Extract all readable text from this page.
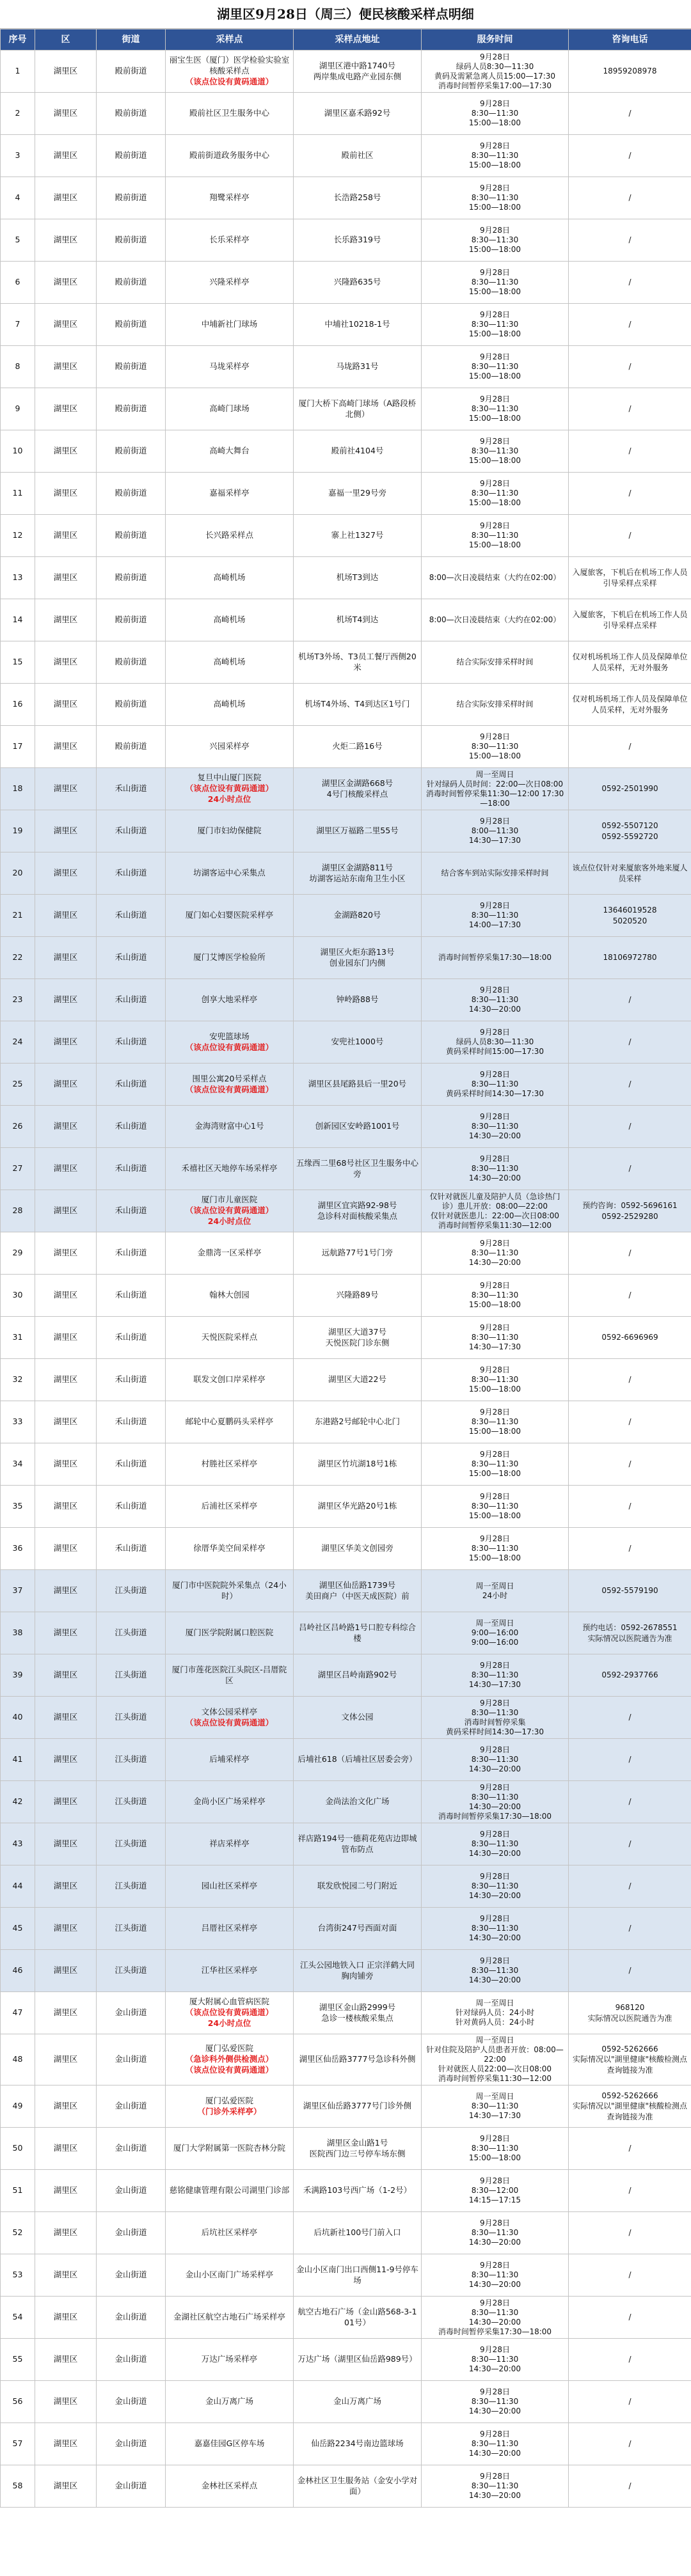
湖里区9月28日（周三）便民核酸采样点明细
序号	区	街道	采样点	采样点地址	服务时间	咨询电话
1	湖里区	殿前街道	丽宝生医（厦门）医学检验实验室核酸采样点
（该点位设有黄码通道）	湖里区港中路1740号
两岸集成电路产业园东侧	9月28日
绿码人员8:30—11:30
黄码及需紧急离人员15:00—17:30
消毒时间暂停采集17:00—17:30	18959208978
2	湖里区	殿前街道	殿前社区卫生服务中心	湖里区嘉禾路92号	9月28日
8:30—11:30
15:00—18:00	/
3	湖里区	殿前街道	殿前街道政务服务中心	殿前社区	9月28日
8:30—11:30
15:00—18:00	/
4	湖里区	殿前街道	翔鹭采样亭	长浩路258号	9月28日
8:30—11:30
15:00—18:00	/
5	湖里区	殿前街道	长乐采样亭	长乐路319号	9月28日
8:30—11:30
15:00—18:00	/
6	湖里区	殿前街道	兴隆采样亭	兴隆路635号	9月28日
8:30—11:30
15:00—18:00	/
7	湖里区	殿前街道	中埔新社门球场	中埔社10218-1号	9月28日
8:30—11:30
15:00—18:00	/
8	湖里区	殿前街道	马垅采样亭	马垅路31号	9月28日
8:30—11:30
15:00—18:00	/
9	湖里区	殿前街道	高崎门球场	厦门大桥下高崎门球场（A路段桥北侧）	9月28日
8:30—11:30
15:00—18:00	/
10	湖里区	殿前街道	高崎大舞台	殿前社4104号	9月28日
8:30—11:30
15:00—18:00	/
11	湖里区	殿前街道	嘉福采样亭	嘉福一里29号旁	9月28日
8:30—11:30
15:00—18:00	/
12	湖里区	殿前街道	长兴路采样点	寨上社1327号	9月28日
8:30—11:30
15:00—18:00	/
13	湖里区	殿前街道	高崎机场	机场T3到达	8:00—次日凌晨结束（大约在02:00）	入厦旅客，下机后在机场工作人员引导采样点采样
14	湖里区	殿前街道	高崎机场	机场T4到达	8:00—次日凌晨结束（大约在02:00）	入厦旅客，下机后在机场工作人员引导采样点采样
15	湖里区	殿前街道	高崎机场	机场T3外场、T3员工餐厅西侧20米	结合实际安排采样时间	仅对机场机场工作人员及保障单位人员采样，无对外服务
16	湖里区	殿前街道	高崎机场	机场T4外场、T4到达区1号门	结合实际安排采样时间	仅对机场机场工作人员及保障单位人员采样，无对外服务
17	湖里区	殿前街道	兴园采样亭	火炬二路16号	9月28日
8:30—11:30
15:00—18:00	/
18	湖里区	禾山街道	复旦中山厦门医院
（该点位设有黄码通道）
24小时点位	湖里区金湖路668号
4号门核酸采样点	周一至周日
针对绿码人员时间：22:00—次日08:00
消毒时间暂停采集11:30—12:00 17:30—18:00	0592-2501990
19	湖里区	禾山街道	厦门市妇幼保健院	湖里区万福路二里55号	9月28日
8:00—11:30
14:30—17:30	0592-5507120
0592-5592720
20	湖里区	禾山街道	坊湖客运中心采集点	湖里区金湖路811号
坊湖客运站东南角卫生小区	结合客车到站实际安排采样时间	该点位仅针对来厦旅客外地来厦人员采样
21	湖里区	禾山街道	厦门如心妇婴医院采样亭	金湖路820号	9月28日
8:30—11:30
14:00—17:30	13646019528
5020520
22	湖里区	禾山街道	厦门艾博医学检验所	湖里区火炬东路13号
创业园东门内侧	消毒时间暂停采集17:30—18:00	18106972780
23	湖里区	禾山街道	创享大地采样亭	钟岭路88号	9月28日
8:30—11:30
14:30—20:00	/
24	湖里区	禾山街道	安兜篮球场
（该点位设有黄码通道）	安兜社1000号	9月28日
绿码人员8:30—11:30
黄码采样时间15:00—17:30	/
25	湖里区	禾山街道	围里公寓20号采样点
（该点位设有黄码通道）	湖里区县尾路县后一里20号	9月28日
8:30—11:30
黄码采样时间14:30—17:30	/
26	湖里区	禾山街道	金海湾财富中心1号	创新园区安岭路1001号	9月28日
8:30—11:30
14:30—20:00	/
27	湖里区	禾山街道	禾禧社区天地停车场采样亭	五缘西二里68号社区卫生服务中心旁	9月28日
8:30—11:30
14:30—20:00	/
28	湖里区	禾山街道	厦门市儿童医院
（该点位设有黄码通道）
24小时点位	湖里区宜宾路92-98号
急诊科对面核酸采集点	仅针对就医儿童及陪护人员（急诊热门诊）患儿开放：08:00—22:00
仅针对就医患儿：22:00—次日08:00
消毒时间暂停采集11:30—12:00	预约咨询：0592-5696161
0592-2529280
29	湖里区	禾山街道	金鼎湾一区采样亭	远航路77号1号门旁	9月28日
8:30—11:30
14:30—20:00	/
30	湖里区	禾山街道	翰林大创园	兴隆路89号	9月28日
8:30—11:30
15:00—18:00	/
31	湖里区	禾山街道	天悦医院采样点	湖里区大道37号
天悦医院门诊东侧	9月28日
8:30—11:30
14:30—17:30	0592-6696969
32	湖里区	禾山街道	联发文创口岸采样亭	湖里区大道22号	9月28日
8:30—11:30
15:00—18:00	/
33	湖里区	禾山街道	邮轮中心夏鹏码头采样亭	东港路2号邮轮中心北门	9月28日
8:30—11:30
15:00—18:00	/
34	湖里区	禾山街道	村塍社区采样亭	湖里区竹坑湖18号1栋	9月28日
8:30—11:30
15:00—18:00	/
35	湖里区	禾山街道	后浦社区采样亭	湖里区华光路20号1栋	9月28日
8:30—11:30
15:00—18:00	/
36	湖里区	禾山街道	徐厝华美空间采样亭	湖里区华美文创园旁	9月28日
8:30—11:30
15:00—18:00	/
37	湖里区	江头街道	厦门市中医院院外采集点（24小时）	湖里区仙岳路1739号
美田商户（中医天成医院）前	周一至周日
24小时	0592-5579190
38	湖里区	江头街道	厦门医学院附属口腔医院	吕岭社区吕岭路1号口腔专科综合楼	周一至周日
9:00—16:00
9:00—16:00	预约电话：0592-2678551
实际情况以医院通告为准
39	湖里区	江头街道	厦门市莲花医院江头院区-吕厝院区	湖里区吕岭南路902号	9月28日
8:30—11:30
14:30—17:30	0592-2937766
40	湖里区	江头街道	文体公园采样亭
（该点位设有黄码通道）	文体公园	9月28日
8:30—11:30
消毒时间暂停采集
黄码采样时间14:30—17:30	/
41	湖里区	江头街道	后埔采样亭	后埔社618（后埔社区居委会旁）	9月28日
8:30—11:30
14:30—20:00	/
42	湖里区	江头街道	金尚小区广场采样亭	金尚法治文化广场	9月28日
8:30—11:30
14:30—20:00
消毒时间暂停采集17:30—18:00	/
43	湖里区	江头街道	祥店采样亭	祥店路194号一德莉花苑店边即城管布防点	9月28日
8:30—11:30
14:30—20:00	/
44	湖里区	江头街道	园山社区采样亭	联发欣悦园二号门附近	9月28日
8:30—11:30
14:30—20:00	/
45	湖里区	江头街道	吕厝社区采样亭	台湾街247号西面对面	9月28日
8:30—11:30
14:30—20:00	/
46	湖里区	江头街道	江华社区采样亭	江头公园地铁入口 正宗洋鹤大同胸肉铺旁	9月28日
8:30—11:30
14:30—20:00	/
47	湖里区	金山街道	厦大附属心血管病医院
（该点位设有黄码通道）
24小时点位	湖里区金山路2999号
急诊一楼核酸采集点	周一至周日
针对绿码人员：24小时
针对黄码人员：24小时	968120
实际情况以医院通告为准
48	湖里区	金山街道	厦门弘爱医院
（急诊科外侧供检测点）
（该点位设有黄码通道）	湖里区仙岳路3777号急诊科外侧	周一至周日
针对住院及陪护人员患者开放：08:00—22:00
针对就医人员22:00—次日08:00
消毒时间暂停采集11:30—12:00	0592-5262666
实际情况以"湖里健康"核酸检测点查询链接为准
49	湖里区	金山街道	厦门弘爱医院
（门诊外采样亭）	湖里区仙岳路3777号门诊外侧	周一至周日
8:30—11:30
14:30—17:30	0592-5262666
实际情况以"湖里健康"核酸检测点查询链接为准
50	湖里区	金山街道	厦门大学附属第一医院杏林分院	湖里区金山路1号
医院西门边三号停车场东侧	9月28日
8:30—11:30
15:00—18:00	/
51	湖里区	金山街道	慈铭健康管理有限公司湖里门诊部	禾满路103号西广场（1-2号）	9月28日
8:30—12:00
14:15—17:15	/
52	湖里区	金山街道	后坑社区采样亭	后坑新社100号门前入口	9月28日
8:30—11:30
14:30—20:00	/
53	湖里区	金山街道	金山小区南门广场采样亭	金山小区南门出口西侧11-9号停车场	9月28日
8:30—11:30
14:30—20:00	/
54	湖里区	金山街道	金湖社区航空古地石广场采样亭	航空古地石广场（金山路568-3-101号）	9月28日
8:30—11:30
14:30—20:00
消毒时间暂停采集17:30—18:00	/
55	湖里区	金山街道	万达广场采样亭	万达广场（湖里区仙岳路989号）	9月28日
8:30—11:30
14:30—20:00	/
56	湖里区	金山街道	金山万离广场	金山万离广场	9月28日
8:30—11:30
14:30—20:00	/
57	湖里区	金山街道	嘉嘉佳园G区停车场	仙岳路2234号南边篮球场	9月28日
8:30—11:30
14:30—20:00	/
58	湖里区	金山街道	金林社区采样点	金林社区卫生服务站（金安小学对面）	9月28日
8:30—11:30
14:30—20:00	/
